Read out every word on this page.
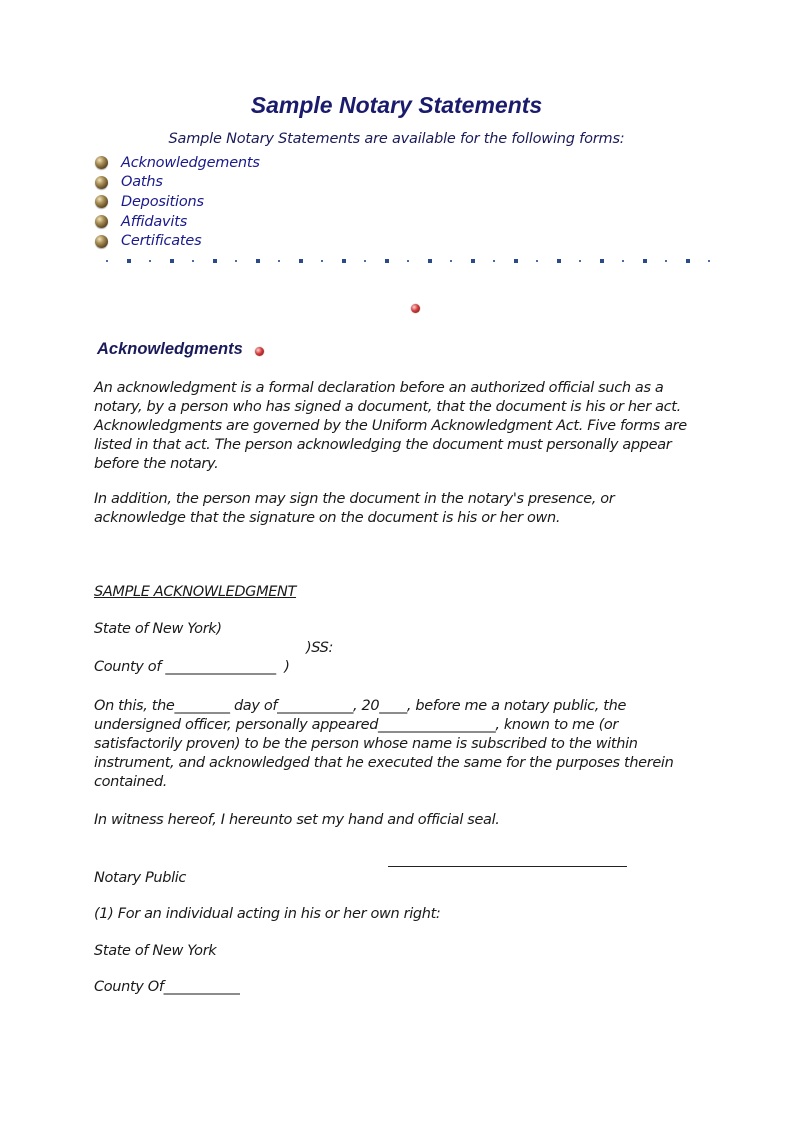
Sample Notary Statements

Sample Notary Statements are available for the following forms:

Acknowledgements
Oaths
Depositions
Affidavits
Certificates
Acknowledgments

An acknowledgment is a formal declaration before an authorized official such as a notary, by a person who has signed a document, that the document is his or her act. Acknowledgments are governed by the Uniform Acknowledgment Act. Five forms are listed in that act. The person acknowledging the document must personally appear before the notary.

In addition, the person may sign the document in the notary's presence, or acknowledge that the signature on the document is his or her own.

SAMPLE ACKNOWLEDGMENT

State of New York)

)SS:

County of ________________  )

On this, the________ day of___________, 20____, before me a notary public, the undersigned officer, personally appeared_________________, known to me (or satisfactorily proven) to be the person whose name is subscribed to the within instrument, and acknowledged that he executed the same for the purposes therein contained.

In witness hereof, I hereunto set my hand and official seal.

Notary Public

(1) For an individual acting in his or her own right:

State of New York

County Of___________
